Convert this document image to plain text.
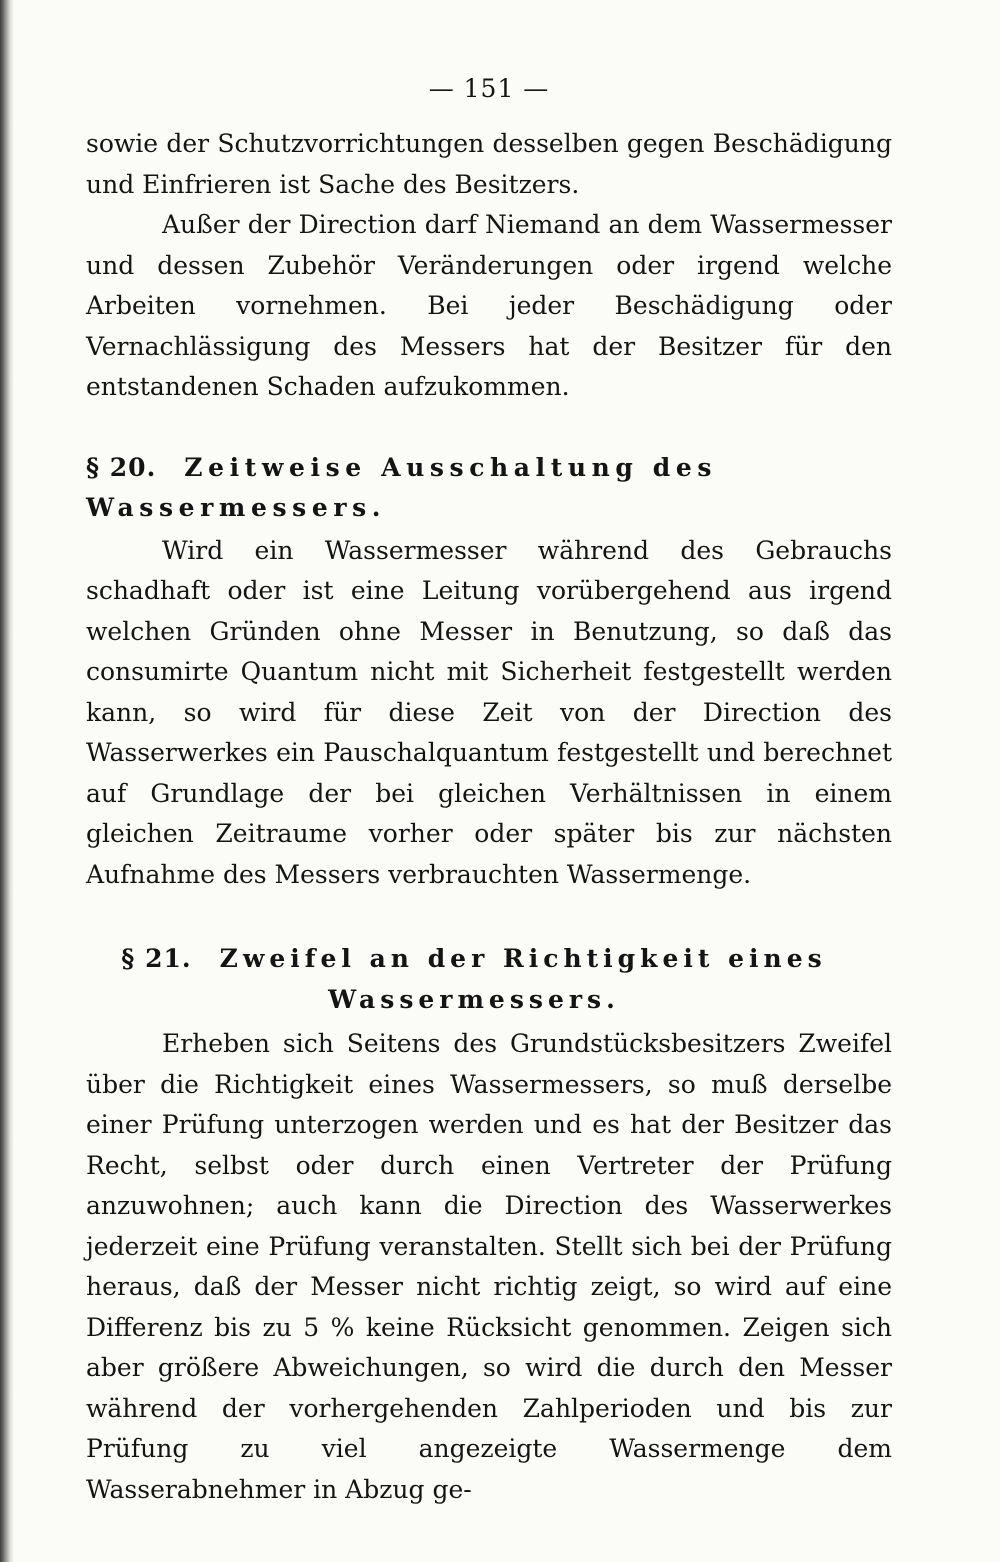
— 151 —

sowie der Schutzvorrichtungen desselben gegen Beschädigung und Einfrieren ist Sache des Besitzers.

Außer der Direction darf Niemand an dem Wassermesser und dessen Zubehör Veränderungen oder irgend welche Arbeiten vornehmen. Bei jeder Beschädigung oder Vernachlässigung des Messers hat der Besitzer für den entstandenen Schaden aufzukommen.

§ 20. Zeitweise Ausschaltung des Wassermessers.

Wird ein Wassermesser während des Gebrauchs schadhaft oder ist eine Leitung vorübergehend aus irgend welchen Gründen ohne Messer in Benutzung, so daß das consumirte Quantum nicht mit Sicherheit festgestellt werden kann, so wird für diese Zeit von der Direction des Wasserwerkes ein Pauschalquantum festgestellt und berechnet auf Grundlage der bei gleichen Verhältnissen in einem gleichen Zeitraume vorher oder später bis zur nächsten Aufnahme des Messers verbrauchten Wassermenge.

§ 21. Zweifel an der Richtigkeit eines Wassermessers.

Erheben sich Seitens des Grundstücksbesitzers Zweifel über die Richtigkeit eines Wassermessers, so muß derselbe einer Prüfung unterzogen werden und es hat der Besitzer das Recht, selbst oder durch einen Vertreter der Prüfung anzuwohnen; auch kann die Direction des Wasserwerkes jederzeit eine Prüfung veranstalten. Stellt sich bei der Prüfung heraus, daß der Messer nicht richtig zeigt, so wird auf eine Differenz bis zu 5 % keine Rücksicht genommen. Zeigen sich aber größere Abweichungen, so wird die durch den Messer während der vorhergehenden Zahlperioden und bis zur Prüfung zu viel angezeigte Wassermenge dem Wasserabnehmer in Abzug ge-
